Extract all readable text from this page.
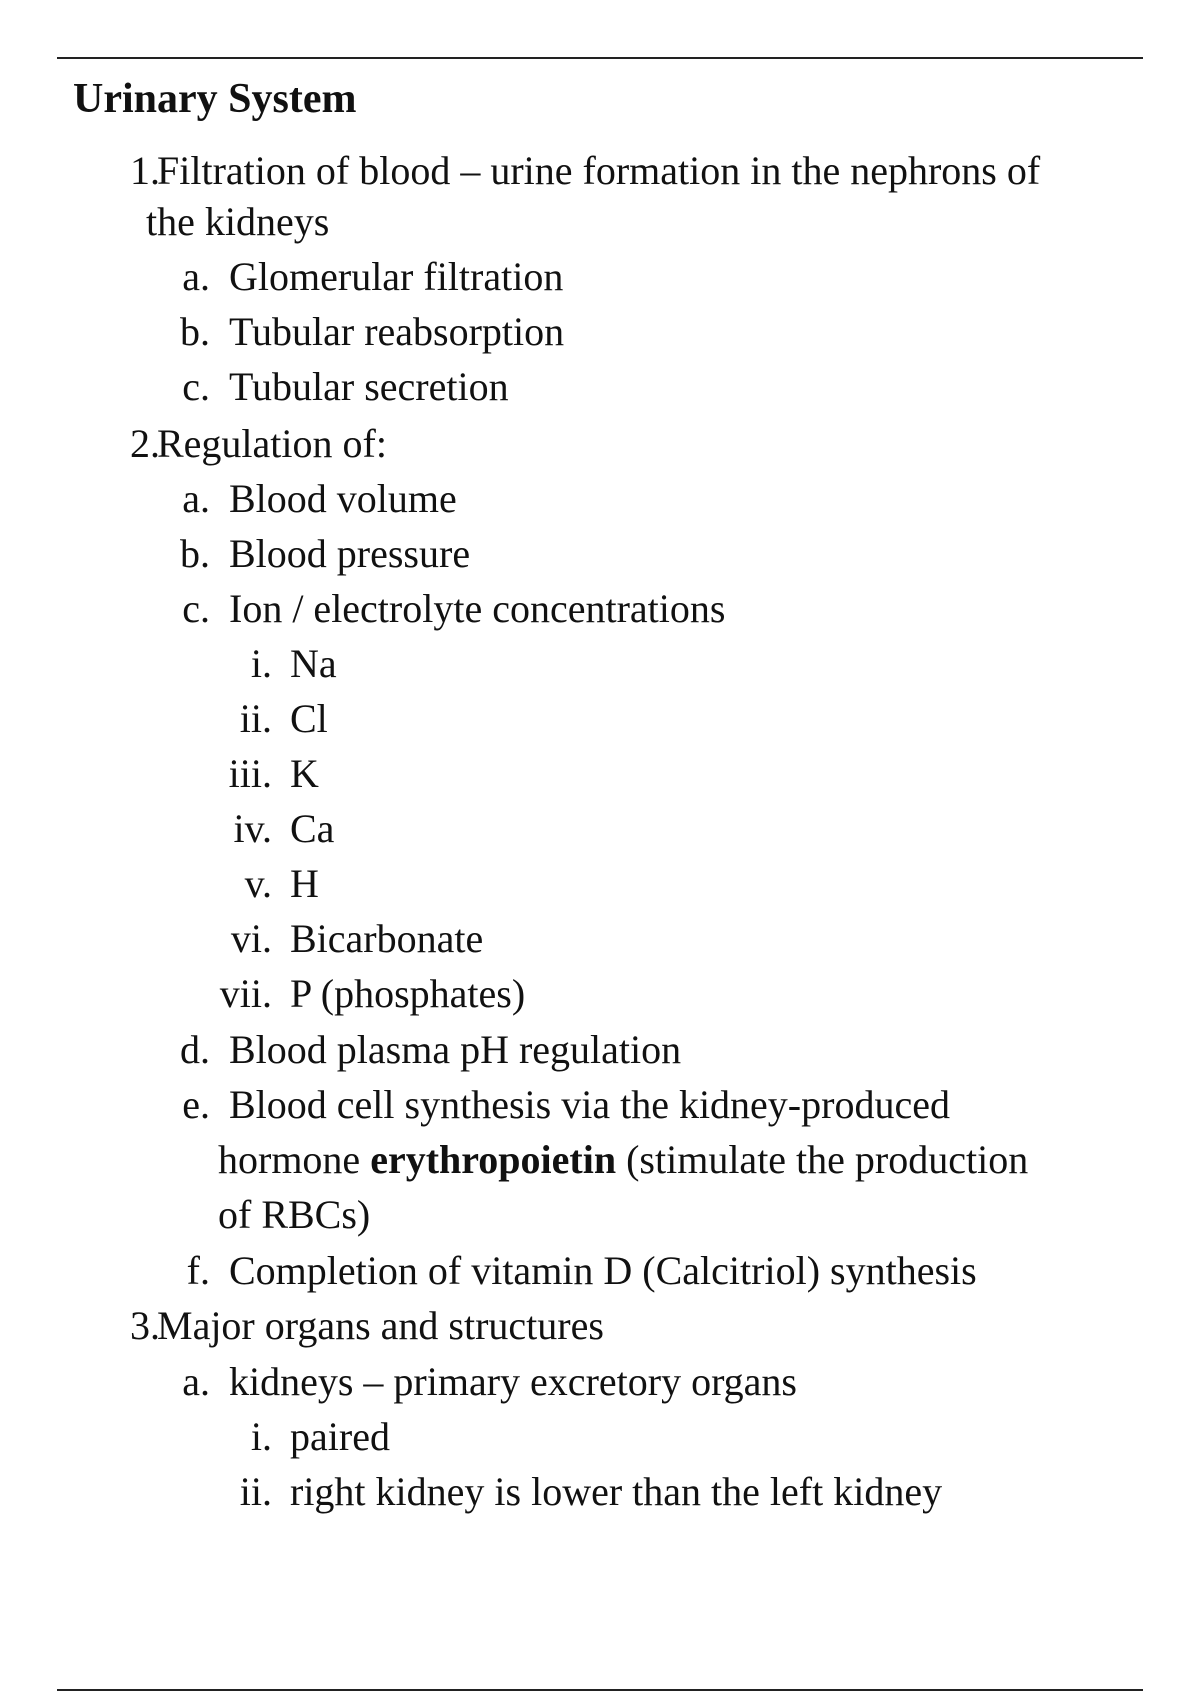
Urinary System
1.
Filtration of blood – urine formation in the nephrons of
the kidneys
a. Glomerular filtration
b. Tubular reabsorption
c. Tubular secretion
2.
Regulation of:
a. Blood volume
b. Blood pressure
c. Ion / electrolyte concentrations
i. Na
ii. Cl
iii. K
iv. Ca
v. H
vi. Bicarbonate
vii. P (phosphates)
d. Blood plasma pH regulation
e. Blood cell synthesis via the kidney-produced
hormone erythropoietin (stimulate the production
of RBCs)
f. Completion of vitamin D (Calcitriol) synthesis
3.
Major organs and structures
a. kidneys – primary excretory organs
i. paired
ii. right kidney is lower than the left kidney
